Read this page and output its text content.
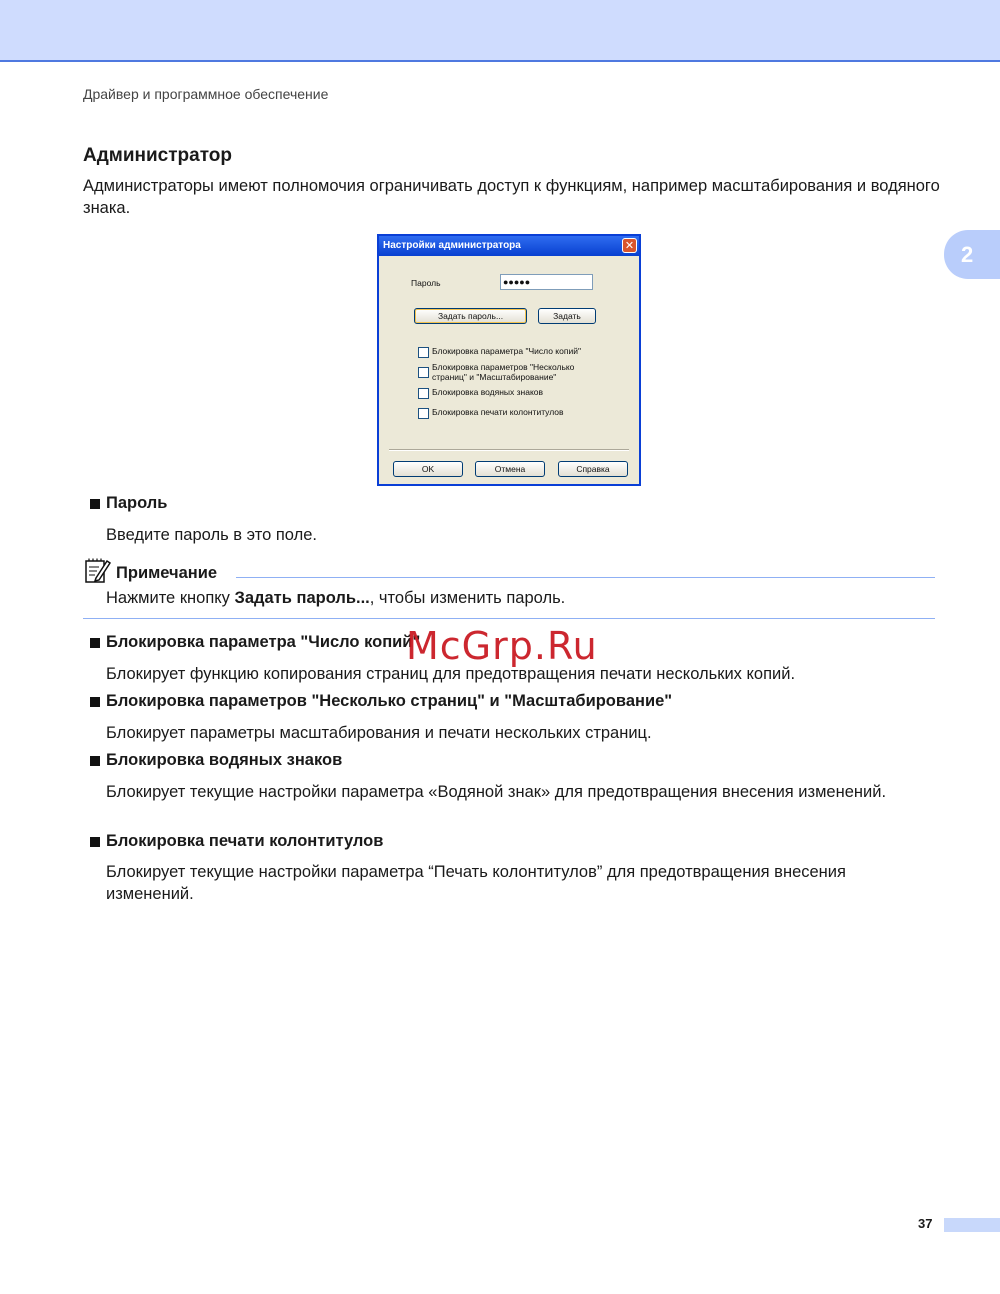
Драйвер и программное обеспечение
2
Администратор
Администраторы имеют полномочия ограничивать доступ к функциям, например масштабирования и водяного знака.
Настройки администратора	✕
Пароль	●●●●●
Задать пароль...	Задать
Блокировка параметра "Число копий"
Блокировка параметров "Несколько страниц" и "Масштабирование"
Блокировка водяных знаков
Блокировка печати колонтитулов
OK	Отмена	Справка
Пароль
Введите пароль в это поле.
Примечание
Нажмите кнопку Задать пароль..., чтобы изменить пароль.
Блокировка параметра "Число копий"
Блокирует функцию копирования страниц для предотвращения печати нескольких копий.
Блокировка параметров "Несколько страниц" и "Масштабирование"
Блокирует параметры масштабирования и печати нескольких страниц.
Блокировка водяных знаков
Блокирует текущие настройки параметра «Водяной знак» для предотвращения внесения изменений.
Блокировка печати колонтитулов
Блокирует текущие настройки параметра “Печать колонтитулов” для предотвращения внесения изменений.
McGrp.Ru
37
